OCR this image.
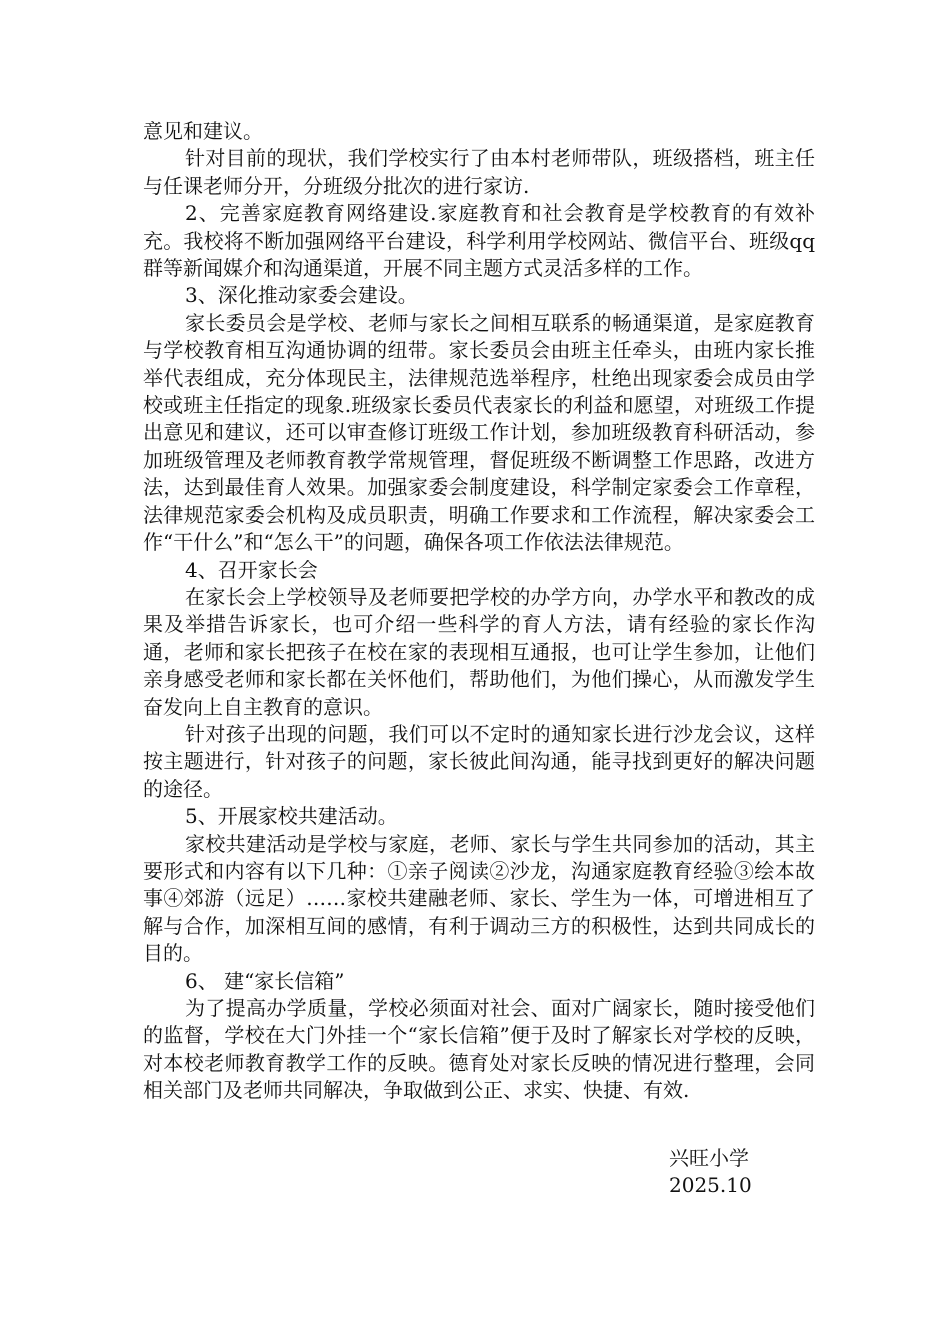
意见和建议。

针对目前的现状，我们学校实行了由本村老师带队，班级搭档，班主任与任课老师分开，分班级分批次的进行家访.

2、完善家庭教育网络建设.家庭教育和社会教育是学校教育的有效补充。我校将不断加强网络平台建设，科学利用学校网站、微信平台、班级qq群等新闻媒介和沟通渠道，开展不同主题方式灵活多样的工作。

3、深化推动家委会建设。

家长委员会是学校、老师与家长之间相互联系的畅通渠道，是家庭教育与学校教育相互沟通协调的纽带。家长委员会由班主任牵头，由班内家长推举代表组成，充分体现民主，法律规范选举程序，杜绝出现家委会成员由学校或班主任指定的现象.班级家长委员代表家长的利益和愿望，对班级工作提出意见和建议，还可以审查修订班级工作计划，参加班级教育科研活动，参加班级管理及老师教育教学常规管理，督促班级不断调整工作思路，改进方法，达到最佳育人效果。加强家委会制度建设，科学制定家委会工作章程，法律规范家委会机构及成员职责，明确工作要求和工作流程，解决家委会工作“干什么”和“怎么干”的问题，确保各项工作依法法律规范。

4、召开家长会

在家长会上学校领导及老师要把学校的办学方向，办学水平和教改的成果及举措告诉家长，也可介绍一些科学的育人方法，请有经验的家长作沟通，老师和家长把孩子在校在家的表现相互通报，也可让学生参加，让他们亲身感受老师和家长都在关怀他们，帮助他们，为他们操心，从而激发学生奋发向上自主教育的意识。

针对孩子出现的问题，我们可以不定时的通知家长进行沙龙会议，这样按主题进行，针对孩子的问题，家长彼此间沟通，能寻找到更好的解决问题的途径。

5、开展家校共建活动。

家校共建活动是学校与家庭，老师、家长与学生共同参加的活动，其主要形式和内容有以下几种：①亲子阅读②沙龙，沟通家庭教育经验③绘本故事④郊游（远足）……家校共建融老师、家长、学生为一体，可增进相互了解与合作，加深相互间的感情，有利于调动三方的积极性，达到共同成长的目的。

6、 建“家长信箱”

为了提高办学质量，学校必须面对社会、面对广阔家长，随时接受他们的监督，学校在大门外挂一个“家长信箱”便于及时了解家长对学校的反映，对本校老师教育教学工作的反映。德育处对家长反映的情况进行整理，会同相关部门及老师共同解决，争取做到公正、求实、快捷、有效.

兴旺小学
2025.10
